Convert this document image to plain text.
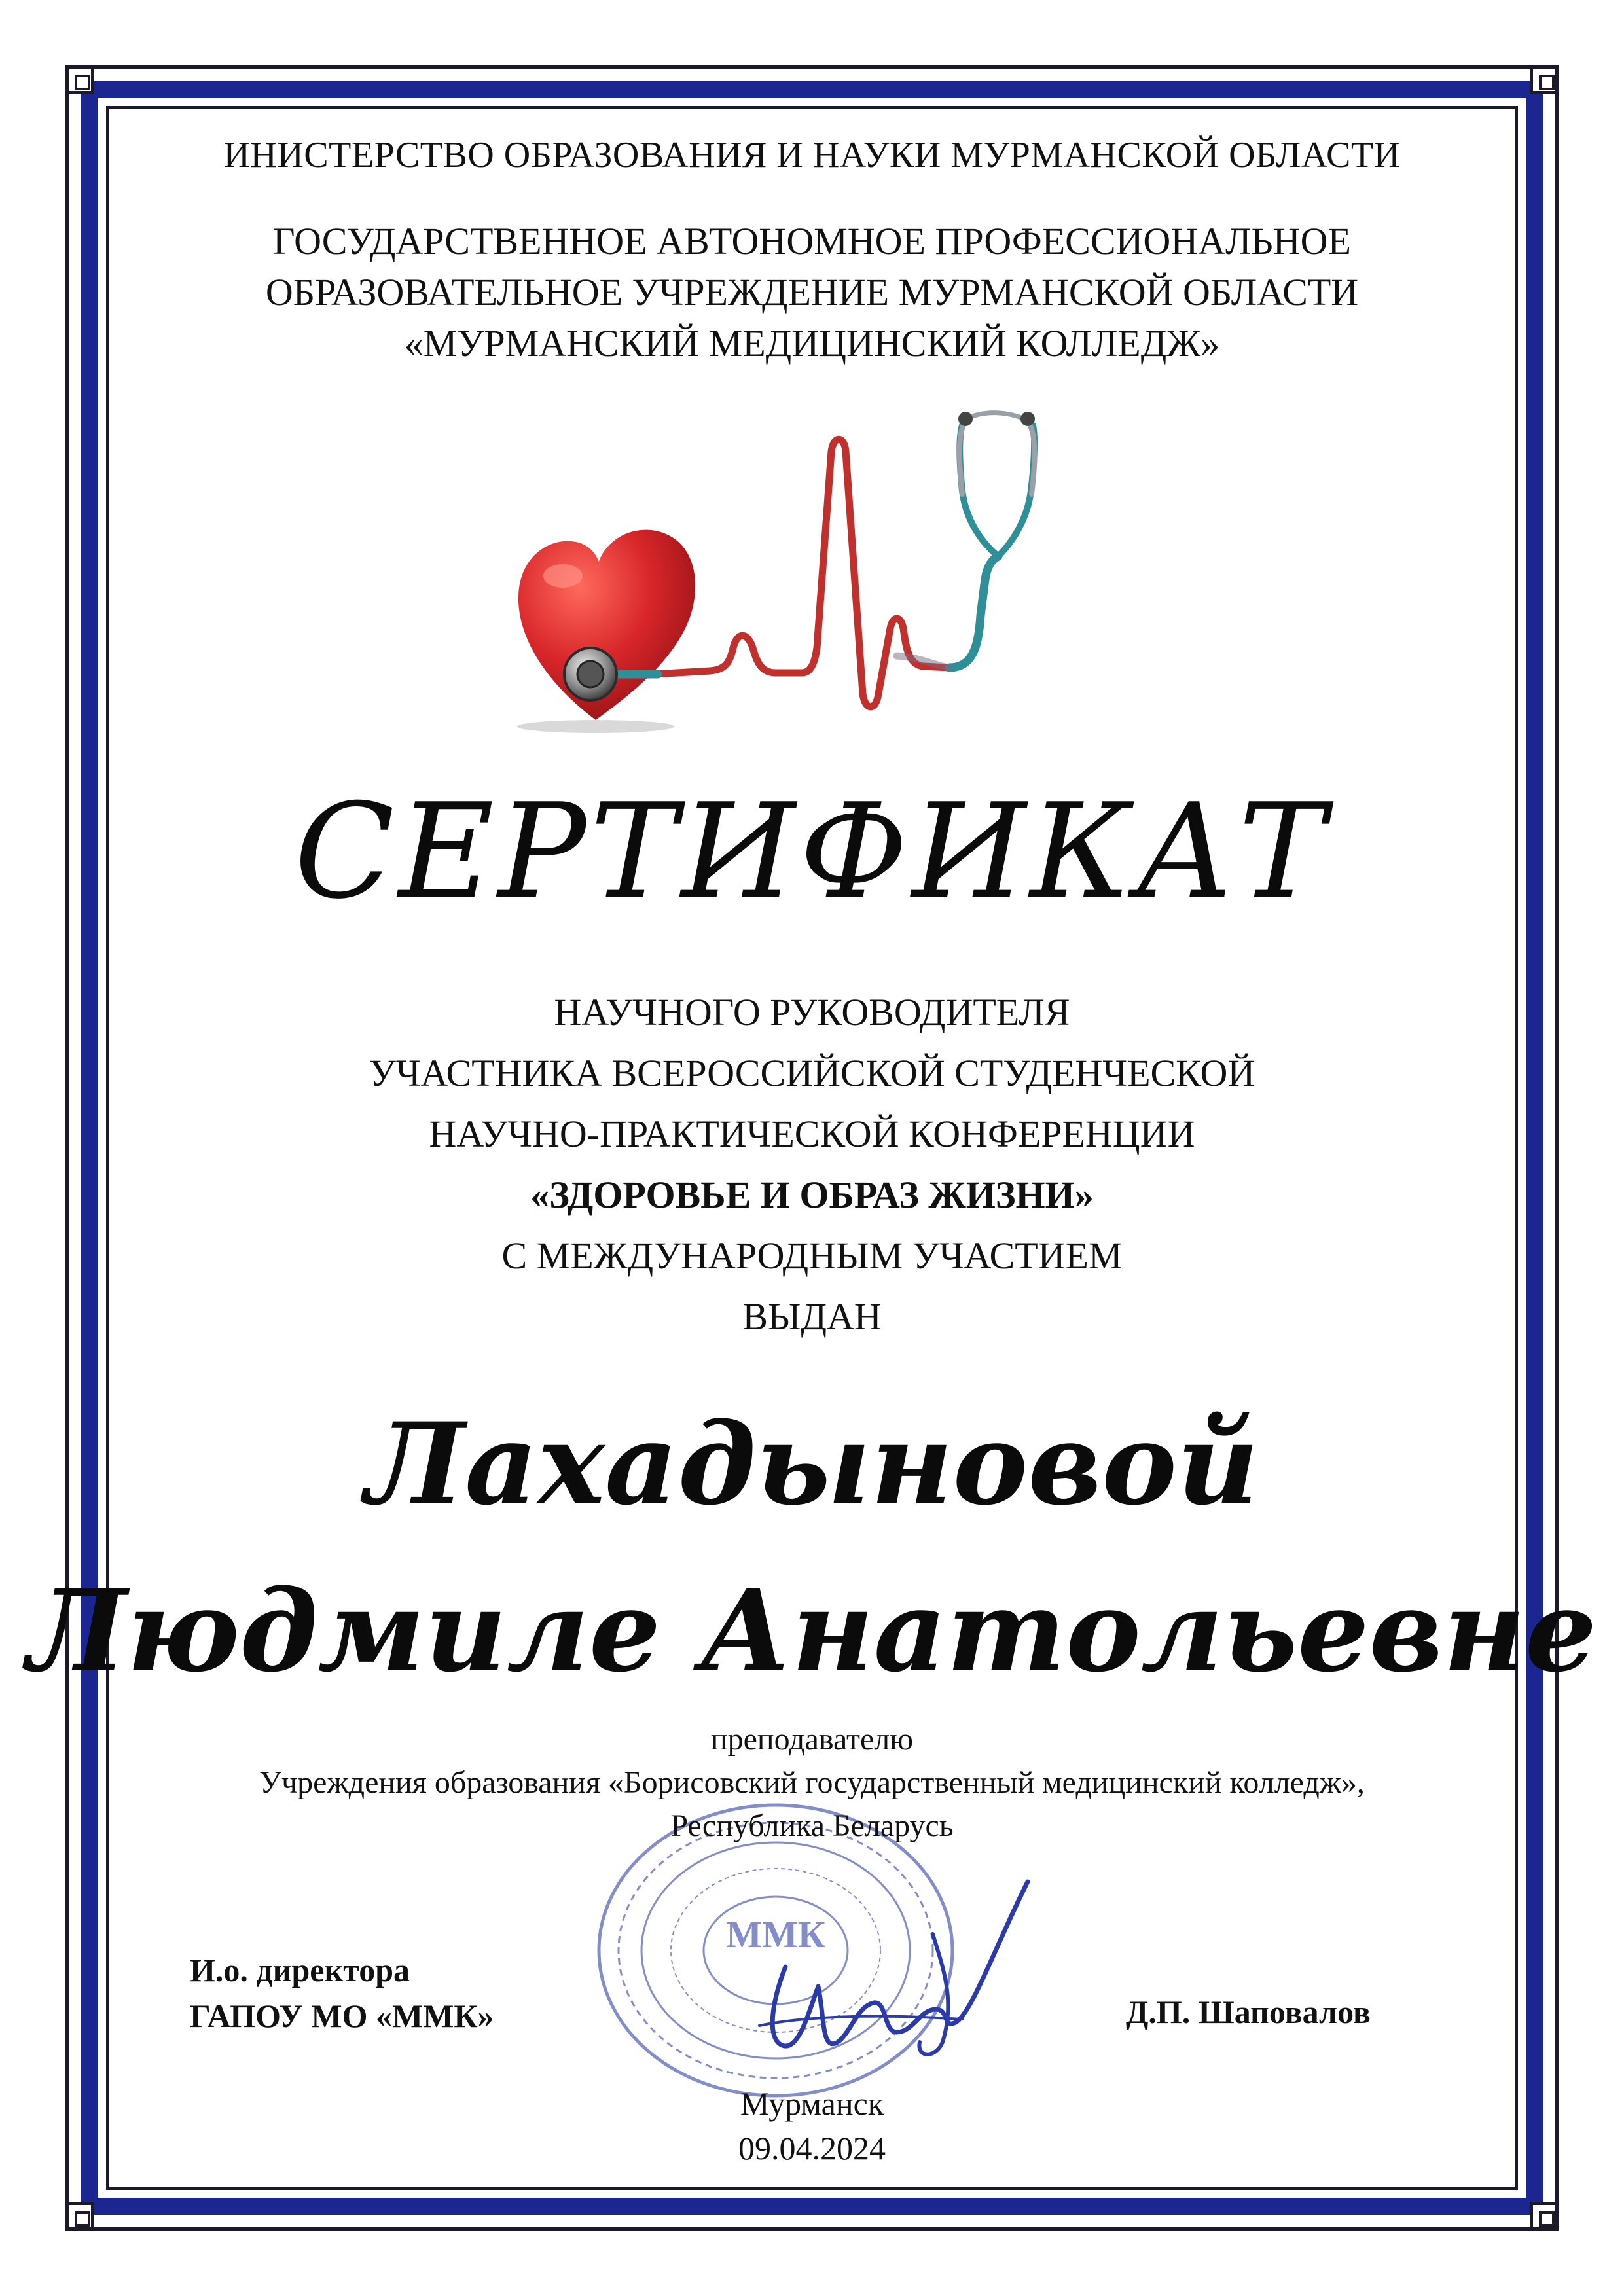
ИНИСТЕРСТВО ОБРАЗОВАНИЯ И НАУКИ МУРМАНСКОЙ ОБЛАСТИ
ГОСУДАРСТВЕННОЕ АВТОНОМНОЕ ПРОФЕССИОНАЛЬНОЕ
ОБРАЗОВАТЕЛЬНОЕ УЧРЕЖДЕНИЕ МУРМАНСКОЙ ОБЛАСТИ
«МУРМАНСКИЙ МЕДИЦИНСКИЙ КОЛЛЕДЖ»
СЕРТИФИКАТ
НАУЧНОГО РУКОВОДИТЕЛЯ
УЧАСТНИКА ВСЕРОССИЙСКОЙ СТУДЕНЧЕСКОЙ
НАУЧНО-ПРАКТИЧЕСКОЙ КОНФЕРЕНЦИИ
«ЗДОРОВЬЕ И ОБРАЗ ЖИЗНИ»
С МЕЖДУНАРОДНЫМ УЧАСТИЕМ
ВЫДАН
Лахадыновой
Людмиле Анатольевне
ММК
преподавателю
Учреждения образования «Борисовский государственный медицинский колледж»,
Республика Беларусь
И.о. директора
ГАПОУ МО «ММК»	Д.П. Шаповалов
Мурманск
09.04.2024
